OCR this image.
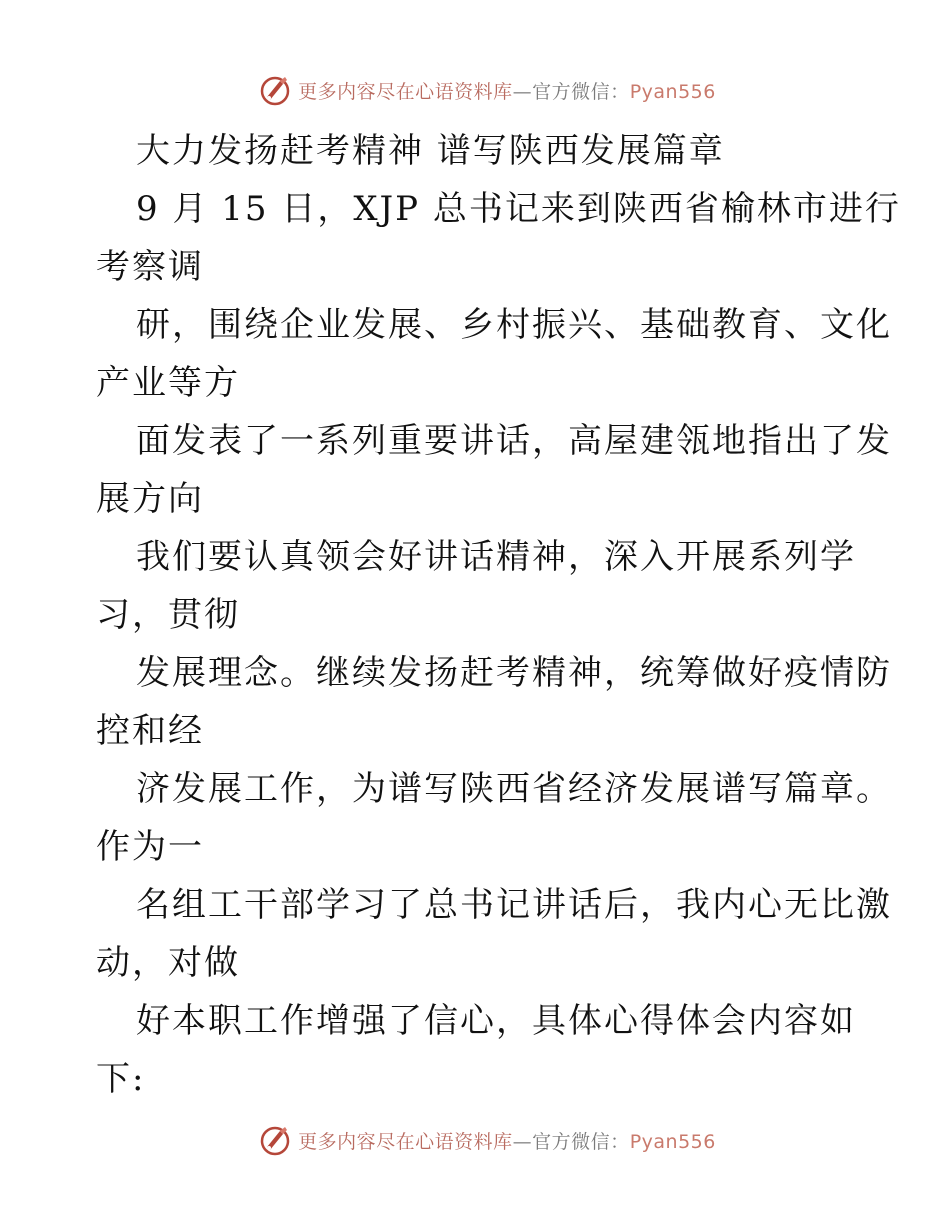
更多内容尽在心语资料库—官方微信：Pyan556
大力发扬赶考精神 谱写陕西发展篇章
9 月 15 日，XJP 总书记来到陕西省榆林市进行
考察调
研，围绕企业发展、乡村振兴、基础教育、文化
产业等方
面发表了一系列重要讲话，高屋建瓴地指出了发
展方向
我们要认真领会好讲话精神，深入开展系列学
习，贯彻
发展理念。继续发扬赶考精神，统筹做好疫情防
控和经
济发展工作，为谱写陕西省经济发展谱写篇章。
作为一
名组工干部学习了总书记讲话后，我内心无比激
动，对做
好本职工作增强了信心，具体心得体会内容如
下:
更多内容尽在心语资料库—官方微信：Pyan556
